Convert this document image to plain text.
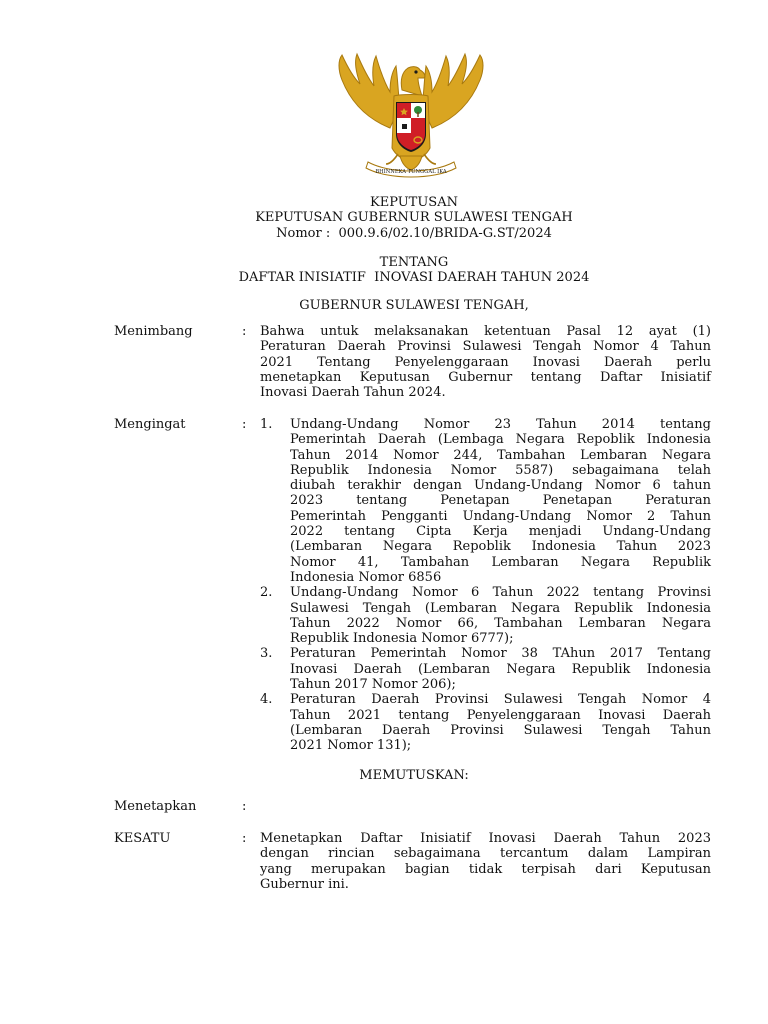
BHINNEKA TUNGGAL IKA
KEPUTUSAN
KEPUTUSAN GUBERNUR SULAWESI TENGAH
Nomor :  000.9.6/02.10/BRIDA-G.ST/2024
TENTANG
DAFTAR INISIATIF  INOVASI DAERAH TAHUN 2024
GUBERNUR SULAWESI TENGAH,
Menimbang	: Bahwa untuk melaksanakan ketentuan Pasal 12 ayat (1)
Peraturan Daerah Provinsi Sulawesi Tengah Nomor 4 Tahun
2021 Tentang Penyelenggaraan Inovasi Daerah perlu
menetapkan Keputusan Gubernur tentang Daftar Inisiatif
Inovasi Daerah Tahun 2024.
Mengingat	: 1. Undang-Undang Nomor 23 Tahun 2014 tentang
Pemerintah Daerah (Lembaga Negara Repoblik Indonesia
Tahun 2014 Nomor 244, Tambahan Lembaran Negara
Republik Indonesia Nomor 5587) sebagaimana telah
diubah terakhir dengan Undang-Undang Nomor 6 tahun
2023 tentang Penetapan Penetapan Peraturan
Pemerintah Pengganti Undang-Undang Nomor 2 Tahun
2022 tentang Cipta Kerja menjadi Undang-Undang
(Lembaran Negara Repoblik Indonesia Tahun 2023
Nomor 41, Tambahan Lembaran Negara Republik
Indonesia Nomor 6856
2. Undang-Undang Nomor 6 Tahun 2022 tentang Provinsi
Sulawesi Tengah (Lembaran Negara Republik Indonesia
Tahun 2022 Nomor 66, Tambahan Lembaran Negara
Republik Indonesia Nomor 6777);
3. Peraturan Pemerintah Nomor 38 TAhun 2017 Tentang
Inovasi Daerah (Lembaran Negara Republik Indonesia
Tahun 2017 Nomor 206);
4. Peraturan Daerah Provinsi Sulawesi Tengah Nomor 4
Tahun 2021 tentang Penyelenggaraan Inovasi Daerah
(Lembaran Daerah Provinsi Sulawesi Tengah Tahun
2021 Nomor 131);
MEMUTUSKAN:
Menetapkan	:
KESATU	: Menetapkan Daftar Inisiatif Inovasi Daerah Tahun 2023
dengan rincian sebagaimana tercantum dalam Lampiran
yang merupakan bagian tidak terpisah dari Keputusan
Gubernur ini.
